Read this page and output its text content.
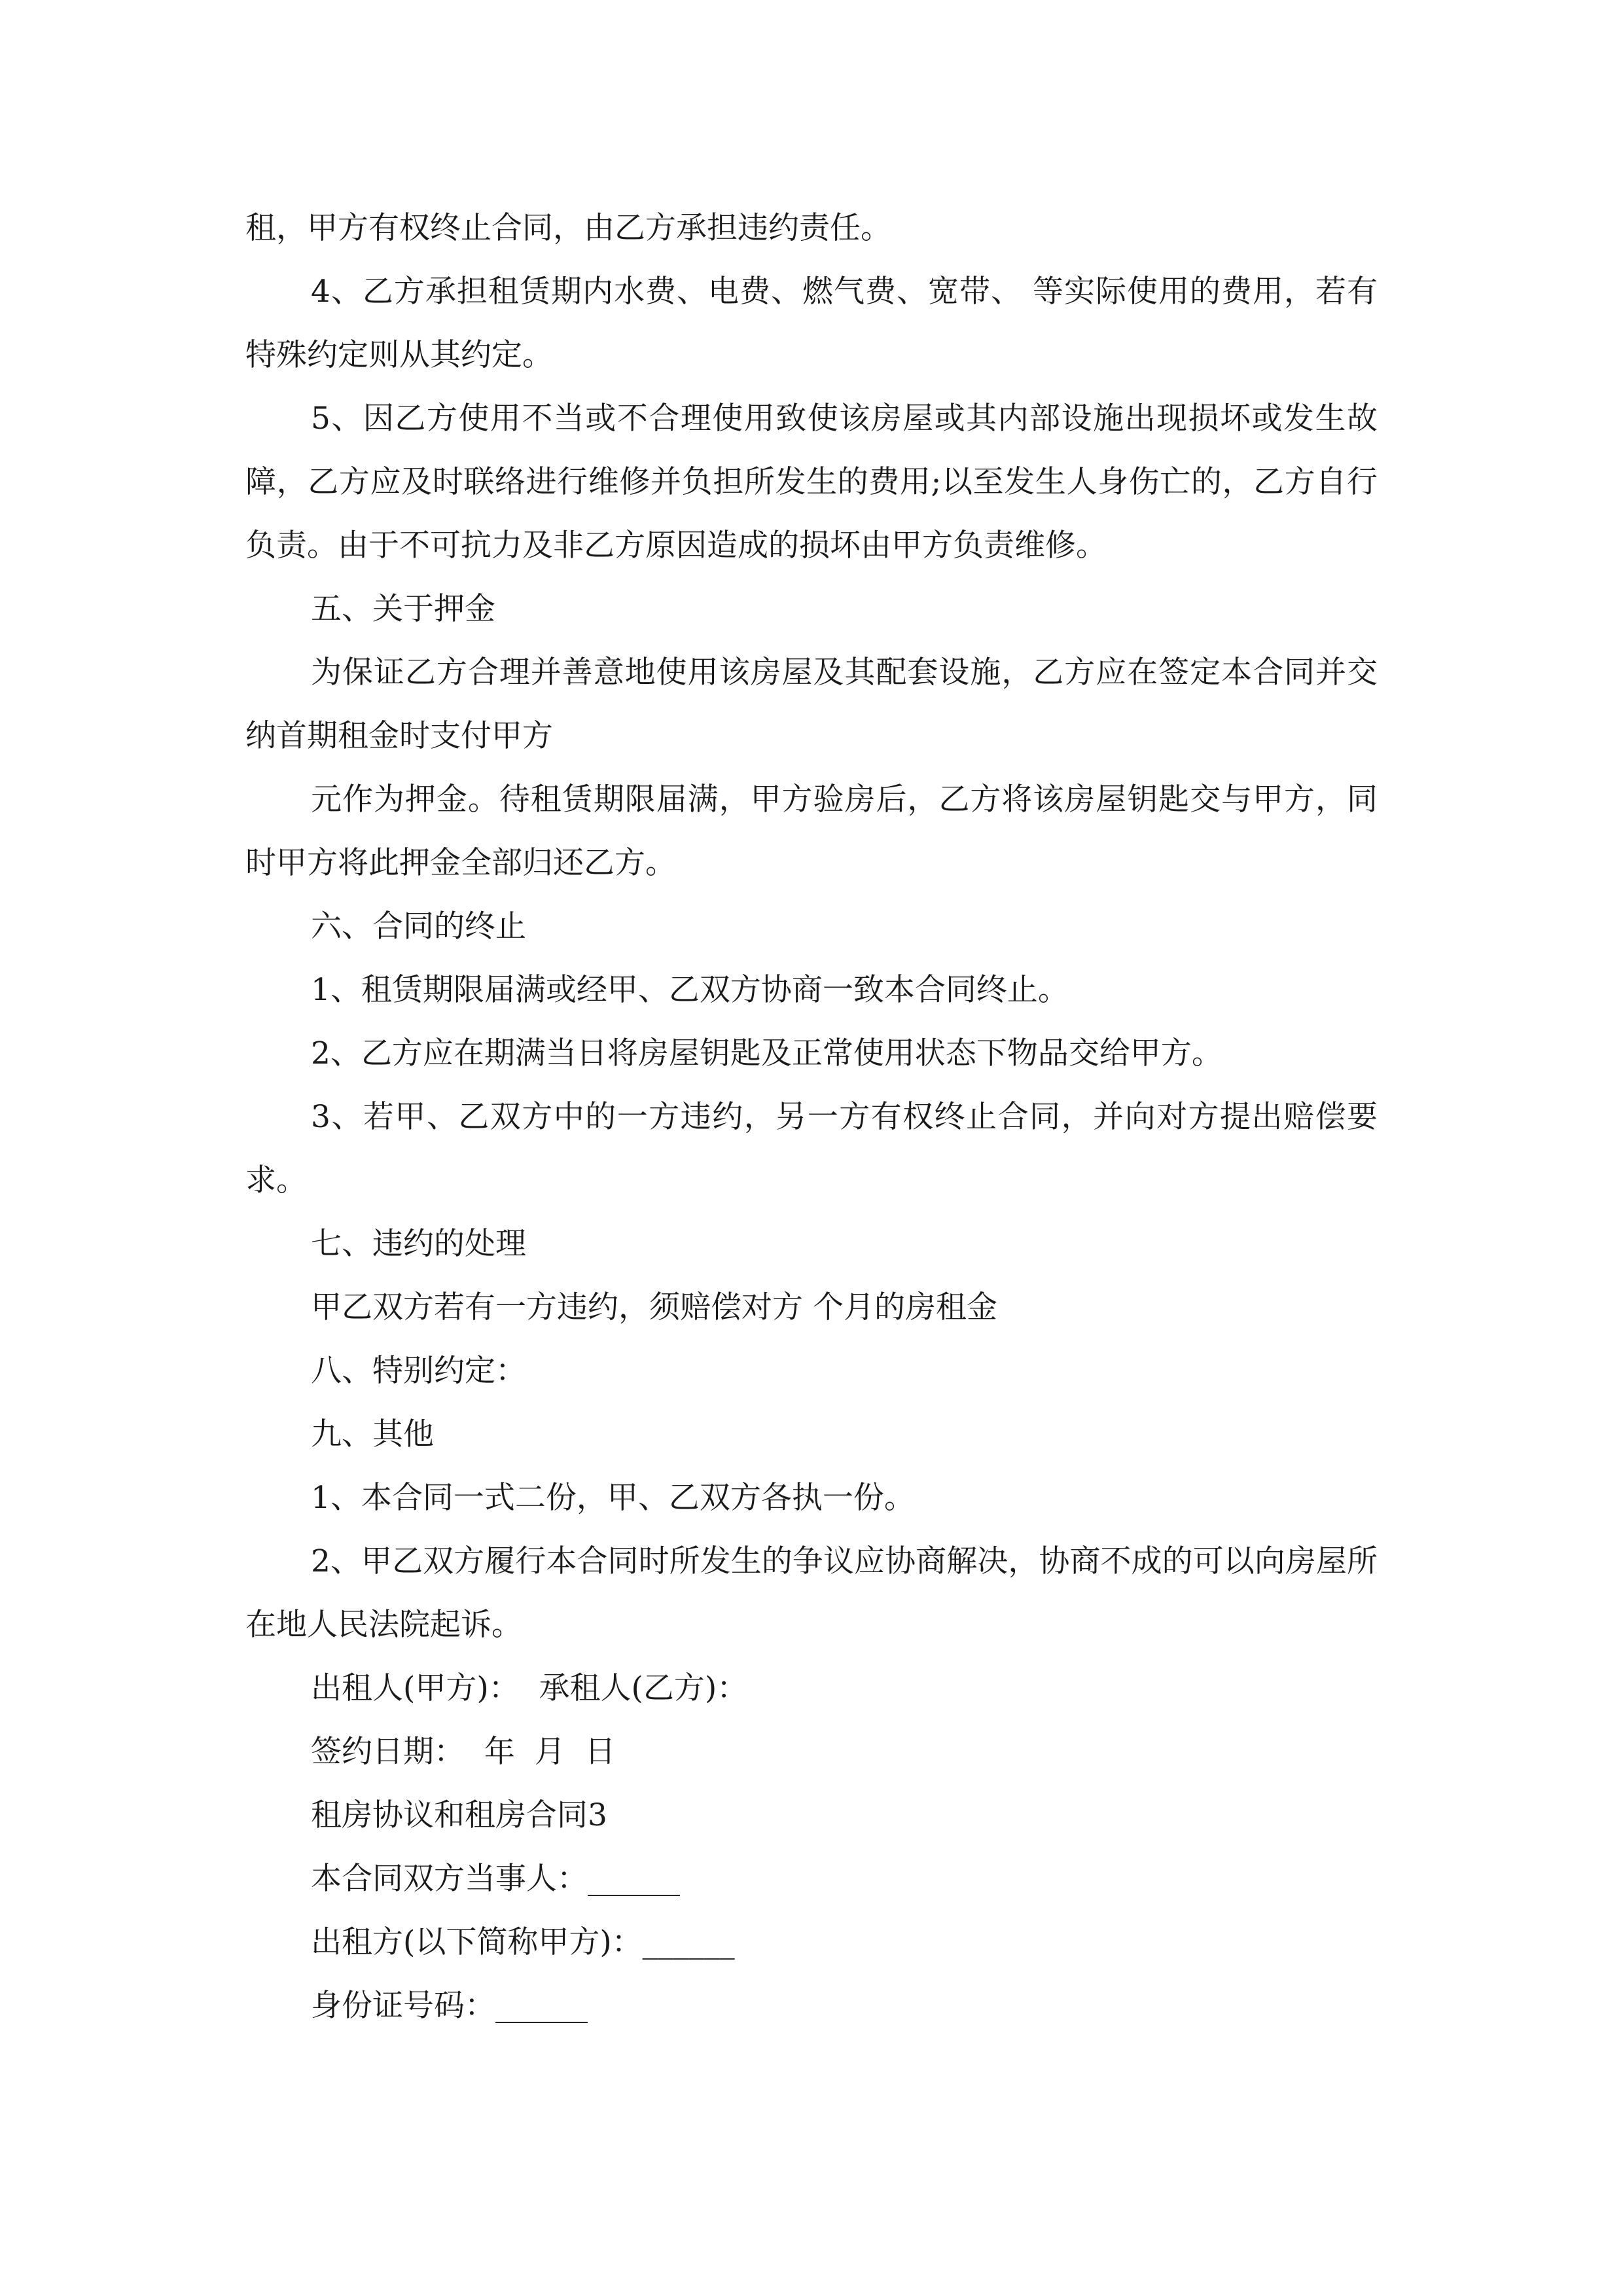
租，甲方有权终止合同，由乙方承担违约责任。

4、乙方承担租赁期内水费、电费、燃气费、宽带、 等实际使用的费用，若有特殊约定则从其约定。

5、因乙方使用不当或不合理使用致使该房屋或其内部设施出现损坏或发生故障，乙方应及时联络进行维修并负担所发生的费用;以至发生人身伤亡的，乙方自行负责。由于不可抗力及非乙方原因造成的损坏由甲方负责维修。

五、关于押金

为保证乙方合理并善意地使用该房屋及其配套设施，乙方应在签定本合同并交纳首期租金时支付甲方

元作为押金。待租赁期限届满，甲方验房后，乙方将该房屋钥匙交与甲方，同时甲方将此押金全部归还乙方。

六、合同的终止

1、租赁期限届满或经甲、乙双方协商一致本合同终止。

2、乙方应在期满当日将房屋钥匙及正常使用状态下物品交给甲方。

3、若甲、乙双方中的一方违约，另一方有权终止合同，并向对方提出赔偿要求。

七、违约的处理

甲乙双方若有一方违约，须赔偿对方 个月的房租金

八、特别约定：

九、其他

1、本合同一式二份，甲、乙双方各执一份。

2、甲乙双方履行本合同时所发生的争议应协商解决，协商不成的可以向房屋所在地人民法院起诉。

出租人(甲方)：  承租人(乙方)：

签约日期：  年  月  日

租房协议和租房合同3

本合同双方当事人：______

出租方(以下简称甲方)：______

身份证号码：______
